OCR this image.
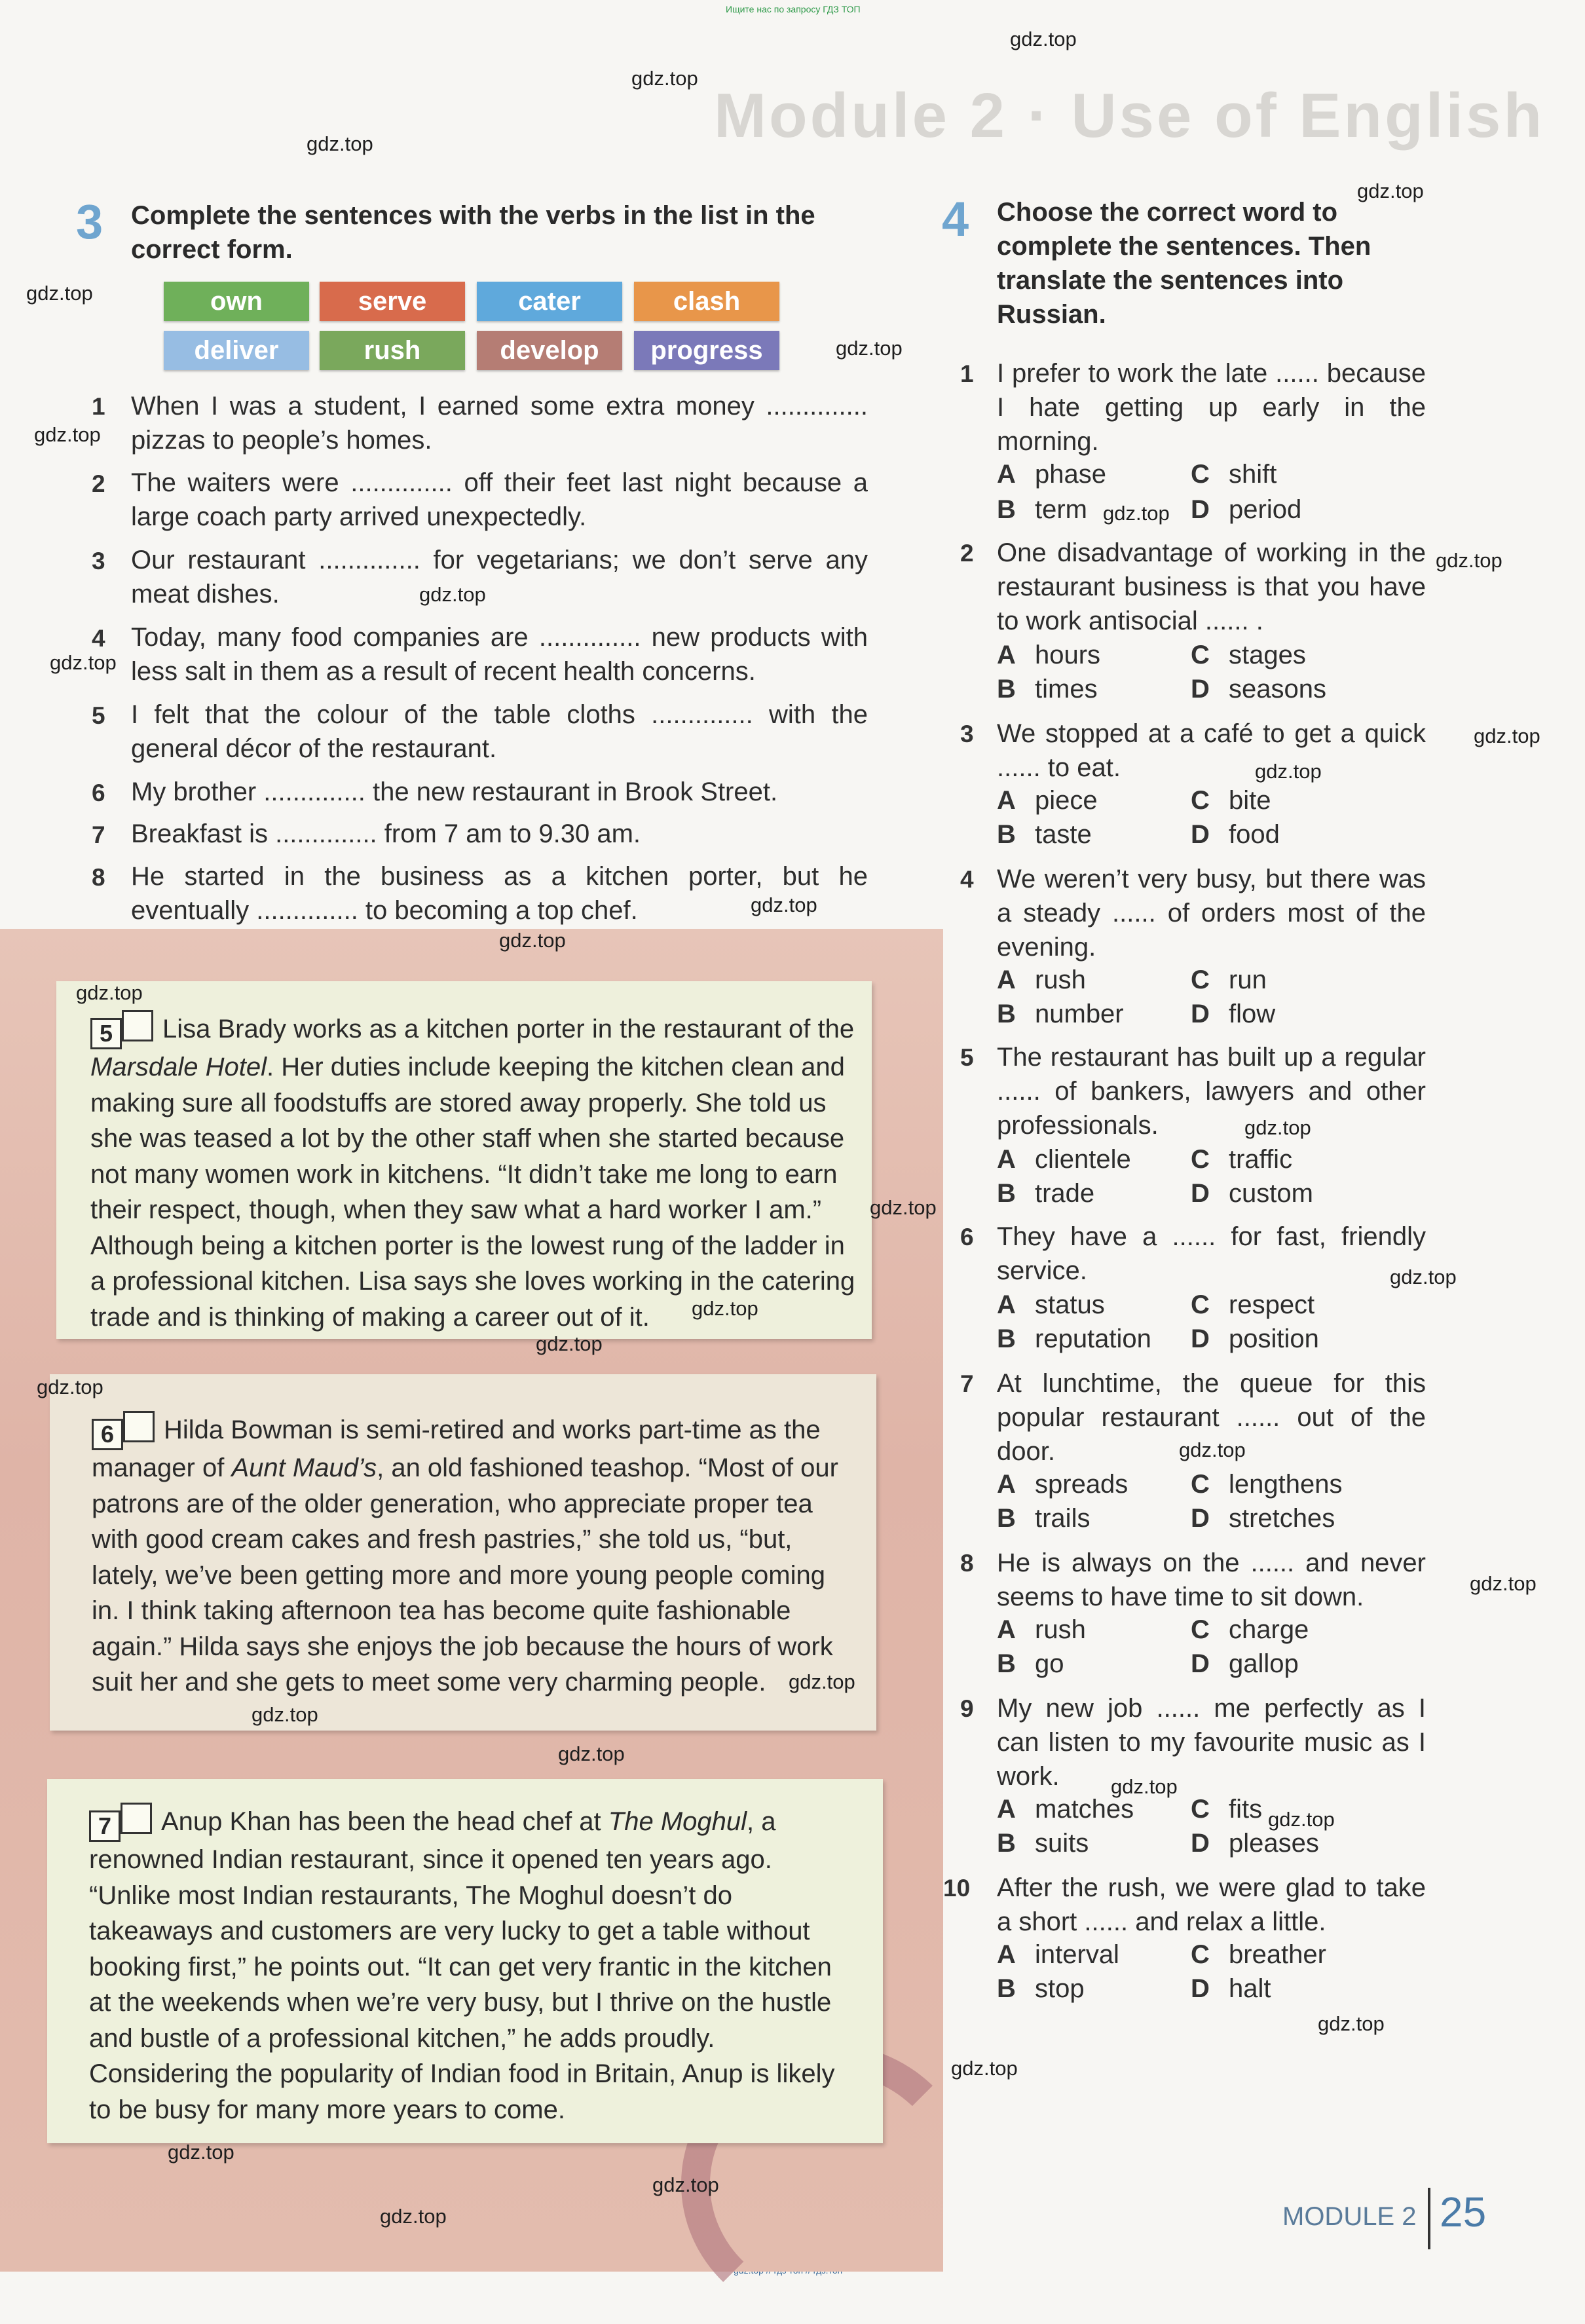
Ищите нас по запросу ГДЗ ТОП
Module 2 · Use of English
3 Complete the sentences with the verbs in the list in the correct form.
own	serve	cater	clash
deliver	rush	develop	progress
1 When I was a student, I earned some extra money .............. pizzas to people’s homes.
2 The waiters were .............. off their feet last night because a large coach party arrived unexpectedly.
3 Our restaurant .............. for vegetarians; we don’t serve any meat dishes.
4 Today, many food companies are .............. new products with less salt in them as a result of recent health concerns.
5 I felt that the colour of the table cloths .............. with the general décor of the restaurant.
6 My brother .............. the new restaurant in Brook Street.
7 Breakfast is .............. from 7 am to 9.30 am.
8 He started in the business as a kitchen porter, but he eventually .............. to becoming a top chef.
5 Lisa Brady works as a kitchen porter in the restaurant of the Marsdale Hotel. Her duties include keeping the kitchen clean and making sure all foodstuffs are stored away properly. She told us she was teased a lot by the other staff when she started because not many women work in kitchens. “It didn’t take me long to earn their respect, though, when they saw what a hard worker I am.” Although being a kitchen porter is the lowest rung of the ladder in a professional kitchen. Lisa says she loves working in the catering trade and is thinking of making a career out of it.
6 Hilda Bowman is semi-retired and works part-time as the manager of Aunt Maud’s, an old fashioned teashop. “Most of our patrons are of the older generation, who appreciate proper tea with good cream cakes and fresh pastries,” she told us, “but, lately, we’ve been getting more and more young people coming in. I think taking afternoon tea has become quite fashionable again.” Hilda says she enjoys the job because the hours of work suit her and she gets to meet some very charming people.
7 Anup Khan has been the head chef at The Moghul, a renowned Indian restaurant, since it opened ten years ago. “Unlike most Indian restaurants, The Moghul doesn’t do takeaways and customers are very lucky to get a table without booking first,” he points out. “It can get very frantic in the kitchen at the weekends when we’re very busy, but I thrive on the hustle and bustle of a professional kitchen,” he adds proudly. Considering the popularity of Indian food in Britain, Anup is likely to be busy for many more years to come.
4 Choose the correct word to complete the sentences. Then translate the sentences into Russian.
1 I prefer to work the late ...... because I hate getting up early in the morning.
A phase
B term
C shift
D period
2 One disadvantage of working in the restaurant business is that you have to work antisocial ...... .
A hours
B times
C stages
D seasons
3 We stopped at a café to get a quick ...... to eat.
A piece
B taste
C bite
D food
4 We weren’t very busy, but there was a steady ...... of orders most of the evening.
A rush
B number
C run
D flow
5 The restaurant has built up a regular ...... of bankers, lawyers and other professionals.
A clientele
B trade
C traffic
D custom
6 They have a ...... for fast, friendly service.
A status
B reputation
C respect
D position
7 At lunchtime, the queue for this popular restaurant ...... out of the door.
A spreads
B trails
C lengthens
D stretches
8 He is always on the ...... and never seems to have time to sit down.
A rush
B go
C charge
D gallop
9 My new job ...... me perfectly as I can listen to my favourite music as I work.
A matches
B suits
C fits
D pleases
10 After the rush, we were glad to take a short ...... and relax a little.
A interval
B stop
C breather
D halt
MODULE 2 25
gdz.top
gdz.top
gdz.top
gdz.top
gdz.top
gdz.top
gdz.top
gdz.top
gdz.top
gdz.top
gdz.top
gdz.top
gdz.top
gdz.top
gdz.top
gdz.top
gdz.top
gdz.top
gdz.top
gdz.top
gdz.top
gdz.top
gdz.top
gdz.top
gdz.top
gdz.top
gdz.top
gdz.top
gdz.top
gdz.top
gdz.top
gdz.top
gdz.top
gdz.top
